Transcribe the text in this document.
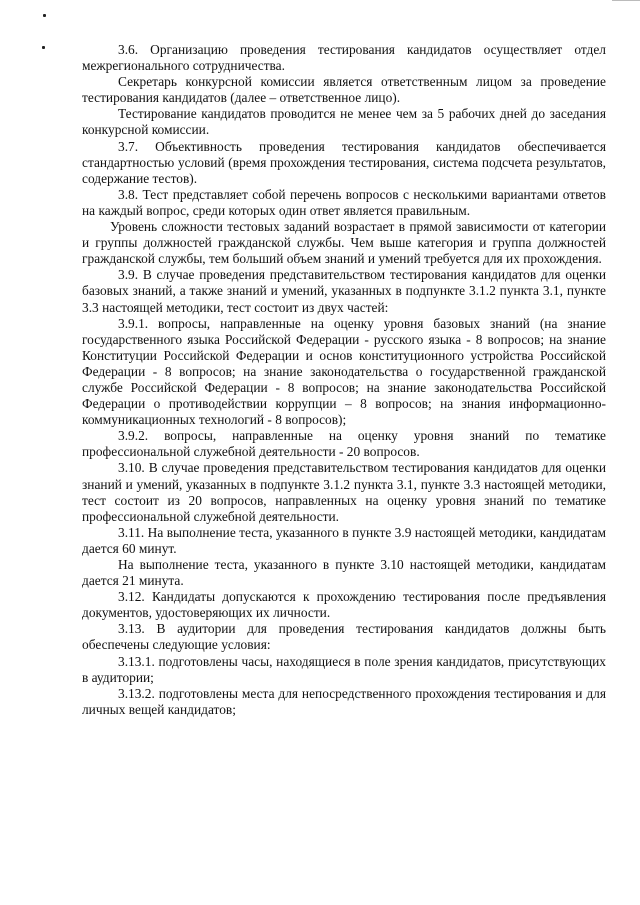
3.6. Организацию проведения тестирования кандидатов осуществляет отдел межрегионального сотрудничества.

Секретарь конкурсной комиссии является ответственным лицом за проведение тестирования кандидатов (далее – ответственное лицо).

Тестирование кандидатов проводится не менее чем за 5 рабочих дней до заседания конкурсной комиссии.

3.7. Объективность проведения тестирования кандидатов обеспечивается стандартностью условий (время прохождения тестирования, система подсчета результатов, содержание тестов).

3.8. Тест представляет собой перечень вопросов с несколькими вариантами ответов на каждый вопрос, среди которых один ответ является правильным.

Уровень сложности тестовых заданий возрастает в прямой зависимости от категории и группы должностей гражданской службы. Чем выше категория и группа должностей гражданской службы, тем больший объем знаний и умений требуется для их прохождения.

3.9. В случае проведения представительством тестирования кандидатов для оценки базовых знаний, а также знаний и умений, указанных в подпункте 3.1.2 пункта 3.1, пункте 3.3 настоящей методики, тест состоит из двух частей:

3.9.1. вопросы, направленные на оценку уровня базовых знаний (на знание государственного языка Российской Федерации - русского языка - 8 вопросов; на знание Конституции Российской Федерации и основ конституционного устройства Российской Федерации - 8 вопросов; на знание законодательства о государственной гражданской службе Российской Федерации - 8 вопросов; на знание законодательства Российской Федерации о противодействии коррупции – 8 вопросов; на знания информационно-коммуникационных технологий - 8 вопросов);

3.9.2. вопросы, направленные на оценку уровня знаний по тематике профессиональной служебной деятельности - 20 вопросов.

3.10. В случае проведения представительством тестирования кандидатов для оценки знаний и умений, указанных в подпункте 3.1.2 пункта 3.1, пункте 3.3 настоящей методики, тест состоит из 20 вопросов, направленных на оценку уровня знаний по тематике профессиональной служебной деятельности.

3.11. На выполнение теста, указанного в пункте 3.9 настоящей методики, кандидатам дается 60 минут.

На выполнение теста, указанного в пункте 3.10 настоящей методики, кандидатам дается 21 минута.

3.12. Кандидаты допускаются к прохождению тестирования после предъявления документов, удостоверяющих их личности.

3.13. В аудитории для проведения тестирования кандидатов должны быть обеспечены следующие условия:

3.13.1. подготовлены часы, находящиеся в поле зрения кандидатов, присутствующих в аудитории;

3.13.2. подготовлены места для непосредственного прохождения тестирования и для личных вещей кандидатов;
